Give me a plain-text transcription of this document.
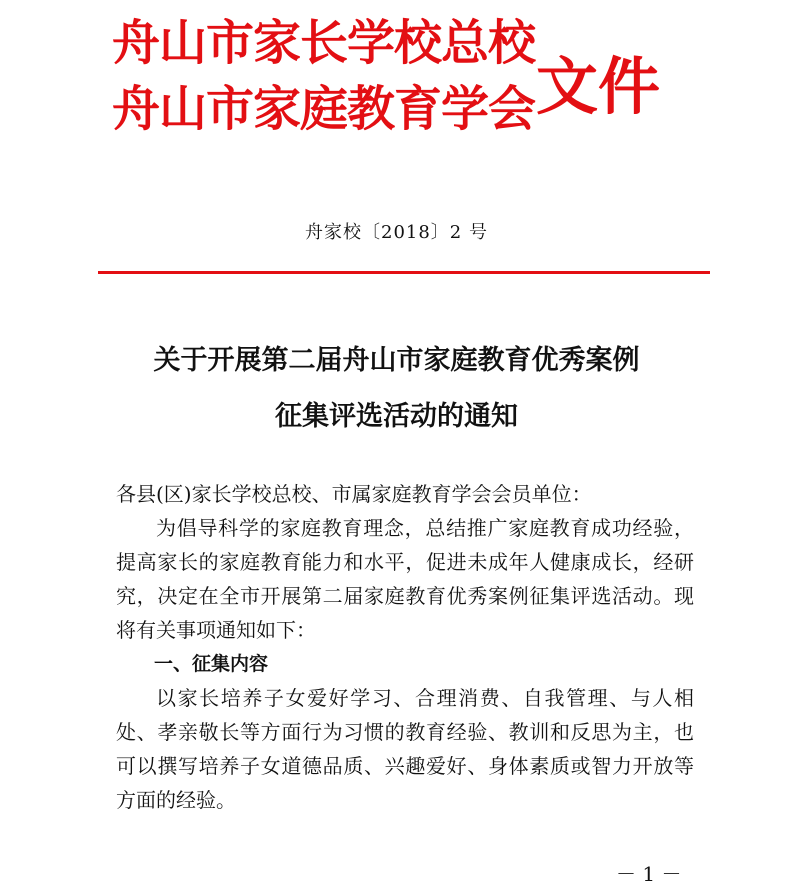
舟山市家长学校总校
舟山市家庭教育学会 文件
舟家校〔2018〕2 号
关于开展第二届舟山市家庭教育优秀案例
征集评选活动的通知

各县(区)家长学校总校、市属家庭教育学会会员单位：

为倡导科学的家庭教育理念，总结推广家庭教育成功经验，提高家长的家庭教育能力和水平，促进未成年人健康成长，经研究，决定在全市开展第二届家庭教育优秀案例征集评选活动。现将有关事项通知如下：

一、征集内容

以家长培养子女爱好学习、合理消费、自我管理、与人相处、孝亲敬长等方面行为习惯的教育经验、教训和反思为主，也可以撰写培养子女道德品质、兴趣爱好、身体素质或智力开放等方面的经验。

－ 1 －
